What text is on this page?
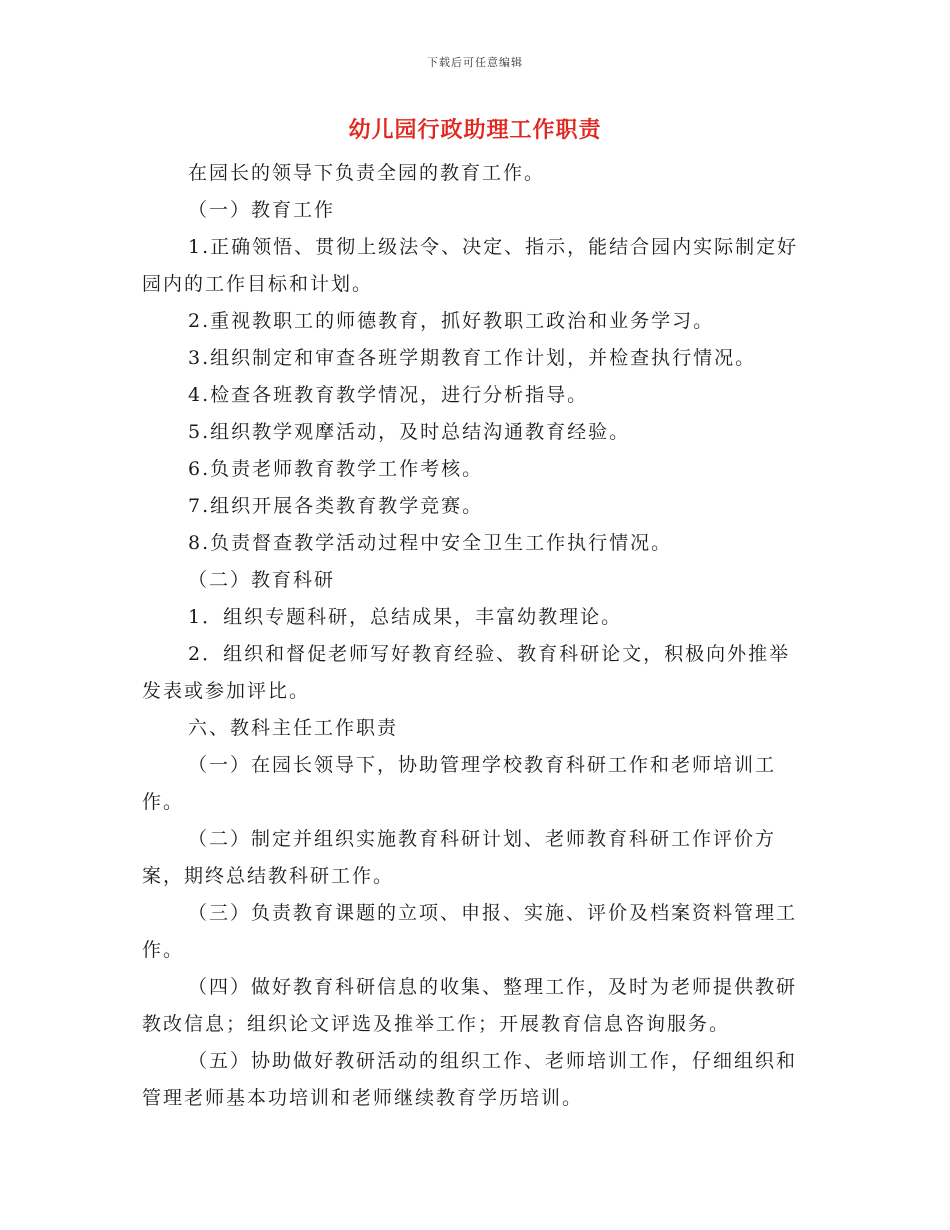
下载后可任意编辑
幼儿园行政助理工作职责

在园长的领导下负责全园的教育工作。

（一）教育工作

1.正确领悟、贯彻上级法令、决定、指示，能结合园内实际制定好园内的工作目标和计划。

2.重视教职工的师德教育，抓好教职工政治和业务学习。

3.组织制定和审查各班学期教育工作计划，并检查执行情况。

4.检查各班教育教学情况，进行分析指导。

5.组织教学观摩活动，及时总结沟通教育经验。

6.负责老师教育教学工作考核。

7.组织开展各类教育教学竞赛。

8.负责督查教学活动过程中安全卫生工作执行情况。

（二）教育科研

1．组织专题科研，总结成果，丰富幼教理论。

2．组织和督促老师写好教育经验、教育科研论文，积极向外推举发表或参加评比。

六、教科主任工作职责

（一）在园长领导下，协助管理学校教育科研工作和老师培训工作。

（二）制定并组织实施教育科研计划、老师教育科研工作评价方案，期终总结教科研工作。

（三）负责教育课题的立项、申报、实施、评价及档案资料管理工作。

（四）做好教育科研信息的收集、整理工作，及时为老师提供教研教改信息；组织论文评选及推举工作；开展教育信息咨询服务。

（五）协助做好教研活动的组织工作、老师培训工作，仔细组织和管理老师基本功培训和老师继续教育学历培训。
